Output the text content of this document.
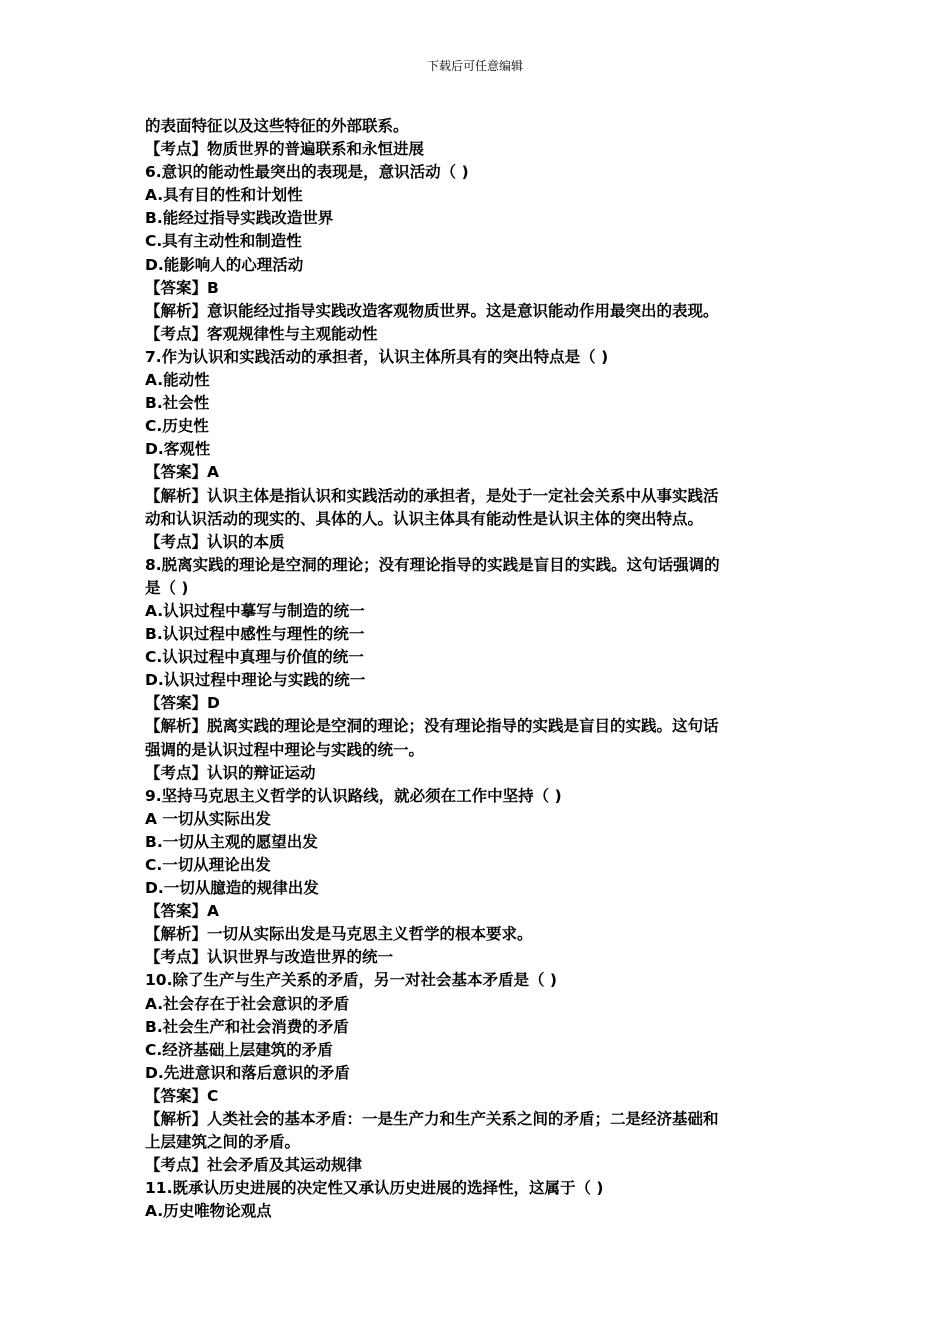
下载后可任意编辑
的表面特征以及这些特征的外部联系。
【考点】物质世界的普遍联系和永恒进展
6.意识的能动性最突出的表现是，意识活动（ )
A.具有目的性和计划性
B.能经过指导实践改造世界
C.具有主动性和制造性
D.能影响人的心理活动
【答案】B
【解析】意识能经过指导实践改造客观物质世界。这是意识能动作用最突出的表现。
【考点】客观规律性与主观能动性
7.作为认识和实践活动的承担者，认识主体所具有的突出特点是（ )
A.能动性
B.社会性
C.历史性
D.客观性
【答案】A
【解析】认识主体是指认识和实践活动的承担者，是处于一定社会关系中从事实践活
动和认识活动的现实的、具体的人。认识主体具有能动性是认识主体的突出特点。
【考点】认识的本质
8.脱离实践的理论是空洞的理论；没有理论指导的实践是盲目的实践。这句话强调的
是（ )
A.认识过程中摹写与制造的统一
B.认识过程中感性与理性的统一
C.认识过程中真理与价值的统一
D.认识过程中理论与实践的统一
【答案】D
【解析】脱离实践的理论是空洞的理论；没有理论指导的实践是盲目的实践。这句话
强调的是认识过程中理论与实践的统一。
【考点】认识的辩证运动
9.坚持马克思主义哲学的认识路线，就必须在工作中坚持（ )
A 一切从实际出发
B.一切从主观的愿望出发
C.一切从理论出发
D.一切从臆造的规律出发
【答案】A
【解析】一切从实际出发是马克思主义哲学的根本要求。
【考点】认识世界与改造世界的统一
10.除了生产与生产关系的矛盾，另一对社会基本矛盾是（ )
A.社会存在于社会意识的矛盾
B.社会生产和社会消费的矛盾
C.经济基础上层建筑的矛盾
D.先进意识和落后意识的矛盾
【答案】C
【解析】人类社会的基本矛盾：一是生产力和生产关系之间的矛盾；二是经济基础和
上层建筑之间的矛盾。
【考点】社会矛盾及其运动规律
11.既承认历史进展的决定性又承认历史进展的选择性，这属于（ )
A.历史唯物论观点
